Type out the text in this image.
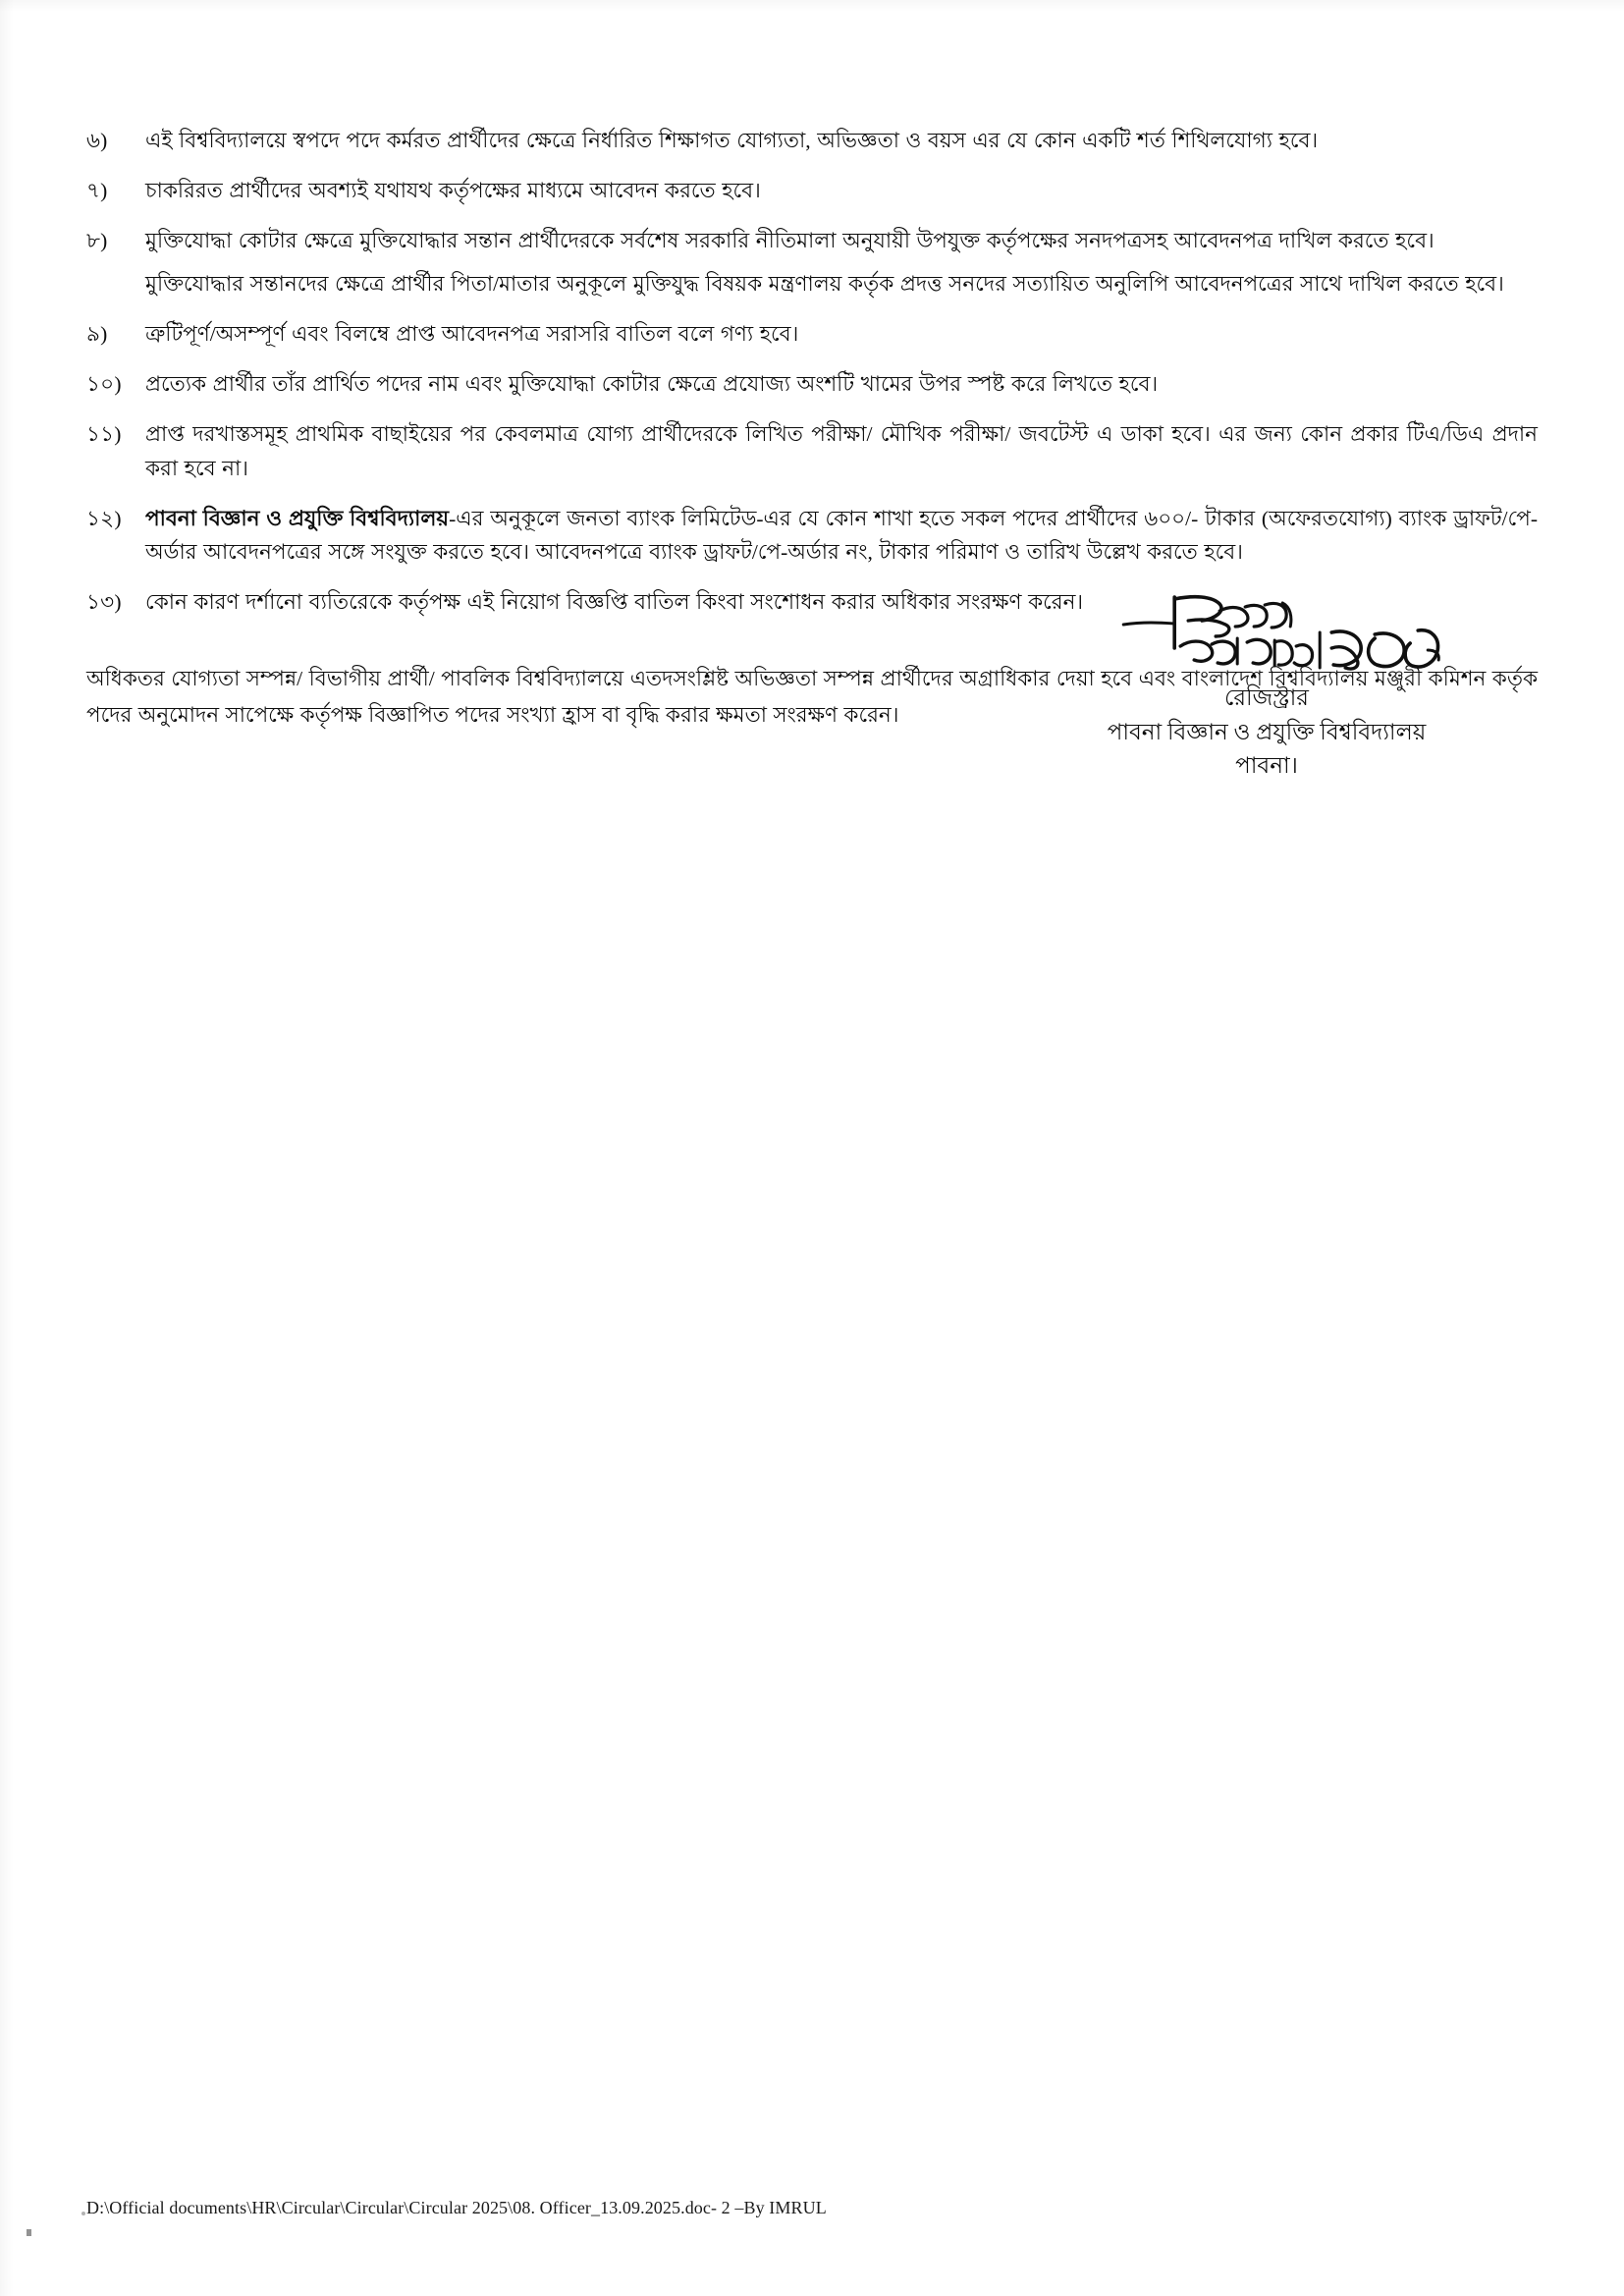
৬)	এই বিশ্ববিদ্যালয়ে স্বপদে পদে কর্মরত প্রার্থীদের ক্ষেত্রে নির্ধারিত শিক্ষাগত যোগ্যতা, অভিজ্ঞতা ও বয়স এর যে কোন একটি শর্ত শিথিলযোগ্য হবে।

৭)	চাকরিরত প্রার্থীদের অবশ্যই যথাযথ কর্তৃপক্ষের মাধ্যমে আবেদন করতে হবে।

৮)	মুক্তিযোদ্ধা কোটার ক্ষেত্রে মুক্তিযোদ্ধার সন্তান প্রার্থীদেরকে সর্বশেষ সরকারি নীতিমালা অনুযায়ী উপযুক্ত কর্তৃপক্ষের সনদপত্রসহ আবেদনপত্র দাখিল করতে হবে।

মুক্তিযোদ্ধার সন্তানদের ক্ষেত্রে প্রার্থীর পিতা/মাতার অনুকূলে মুক্তিযুদ্ধ বিষয়ক মন্ত্রণালয় কর্তৃক প্রদত্ত সনদের সত্যায়িত অনুলিপি আবেদনপত্রের সাথে দাখিল করতে হবে।

৯)	ত্রুটিপূর্ণ/অসম্পূর্ণ এবং বিলম্বে প্রাপ্ত আবেদনপত্র সরাসরি বাতিল বলে গণ্য হবে।

১০)	প্রত্যেক প্রার্থীর তাঁর প্রার্থিত পদের নাম এবং মুক্তিযোদ্ধা কোটার ক্ষেত্রে প্রযোজ্য অংশটি খামের উপর স্পষ্ট করে লিখতে হবে।

১১)	প্রাপ্ত দরখাস্তসমূহ প্রাথমিক বাছাইয়ের পর কেবলমাত্র যোগ্য প্রার্থীদেরকে লিখিত পরীক্ষা/ মৌখিক পরীক্ষা/ জবটেস্ট এ ডাকা হবে। এর জন্য কোন প্রকার টিএ/ডিএ প্রদান করা হবে না।

১২)	পাবনা বিজ্ঞান ও প্রযুক্তি বিশ্ববিদ্যালয়-এর অনুকূলে জনতা ব্যাংক লিমিটেড-এর যে কোন শাখা হতে সকল পদের প্রার্থীদের ৬০০/- টাকার (অফেরতযোগ্য) ব্যাংক ড্রাফট/পে-অর্ডার আবেদনপত্রের সঙ্গে সংযুক্ত করতে হবে। আবেদনপত্রে ব্যাংক ড্রাফট/পে-অর্ডার নং, টাকার পরিমাণ ও তারিখ উল্লেখ করতে হবে।

১৩)	কোন কারণ দর্শানো ব্যতিরেকে কর্তৃপক্ষ এই নিয়োগ বিজ্ঞপ্তি বাতিল কিংবা সংশোধন করার অধিকার সংরক্ষণ করেন।

অধিকতর যোগ্যতা সম্পন্ন/ বিভাগীয় প্রার্থী/ পাবলিক বিশ্ববিদ্যালয়ে এতদসংশ্লিষ্ট অভিজ্ঞতা সম্পন্ন প্রার্থীদের অগ্রাধিকার দেয়া হবে এবং বাংলাদেশ বিশ্ববিদ্যালয় মঞ্জুরী কমিশন কর্তৃক পদের অনুমোদন সাপেক্ষে কর্তৃপক্ষ বিজ্ঞাপিত পদের সংখ্যা হ্রাস বা বৃদ্ধি করার ক্ষমতা সংরক্ষণ করেন।
রেজিস্ট্রার
পাবনা বিজ্ঞান ও প্রযুক্তি বিশ্ববিদ্যালয়
পাবনা।
D:\Official documents\HR\Circular\Circular\Circular 2025\08. Officer_13.09.2025.doc- 2 –By IMRUL
